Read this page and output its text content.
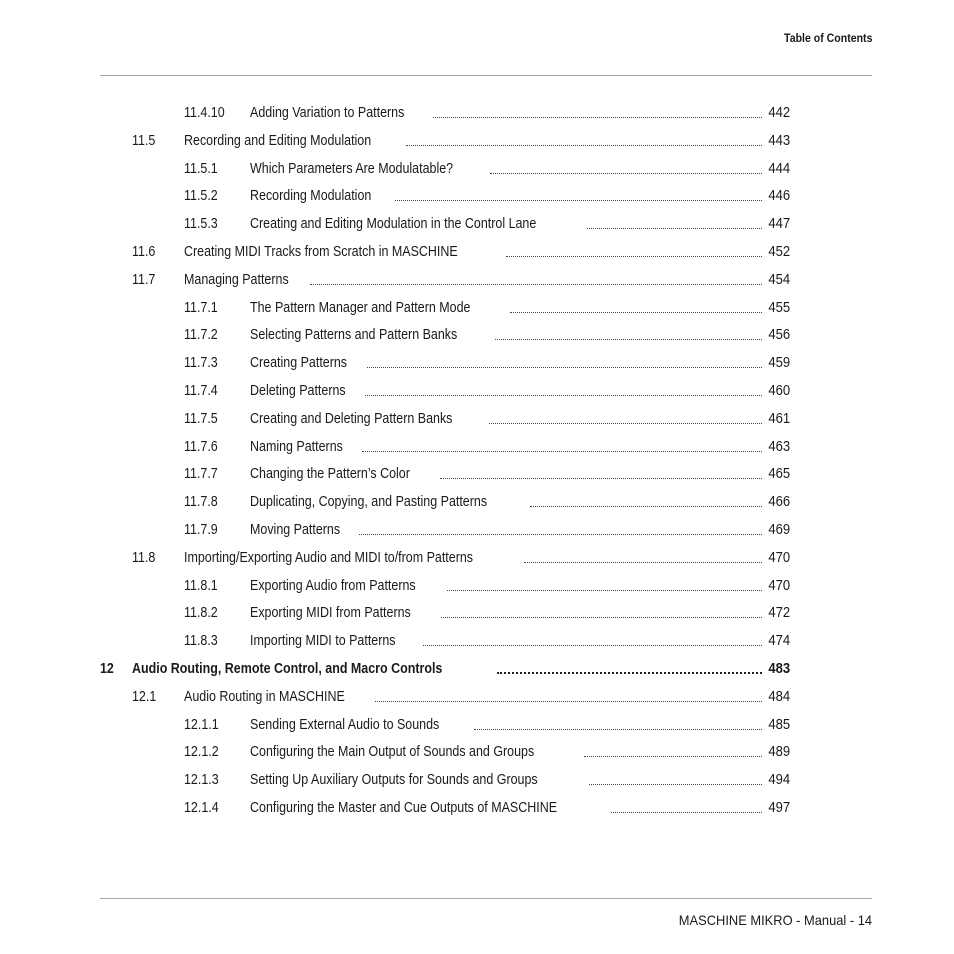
Table of Contents
11.4.10 Adding Variation to Patterns	442
11.5 Recording and Editing Modulation	443
11.5.1 Which Parameters Are Modulatable?	444
11.5.2 Recording Modulation	446
11.5.3 Creating and Editing Modulation in the Control Lane	447
11.6 Creating MIDI Tracks from Scratch in MASCHINE	452
11.7 Managing Patterns	454
11.7.1 The Pattern Manager and Pattern Mode	455
11.7.2 Selecting Patterns and Pattern Banks	456
11.7.3 Creating Patterns	459
11.7.4 Deleting Patterns	460
11.7.5 Creating and Deleting Pattern Banks	461
11.7.6 Naming Patterns	463
11.7.7 Changing the Pattern’s Color	465
11.7.8 Duplicating, Copying, and Pasting Patterns	466
11.7.9 Moving Patterns	469
11.8 Importing/Exporting Audio and MIDI to/from Patterns	470
11.8.1 Exporting Audio from Patterns	470
11.8.2 Exporting MIDI from Patterns	472
11.8.3 Importing MIDI to Patterns	474
12 Audio Routing, Remote Control, and Macro Controls	483
12.1 Audio Routing in MASCHINE	484
12.1.1 Sending External Audio to Sounds	485
12.1.2 Configuring the Main Output of Sounds and Groups	489
12.1.3 Setting Up Auxiliary Outputs for Sounds and Groups	494
12.1.4 Configuring the Master and Cue Outputs of MASCHINE	497
MASCHINE MIKRO - Manual - 14
